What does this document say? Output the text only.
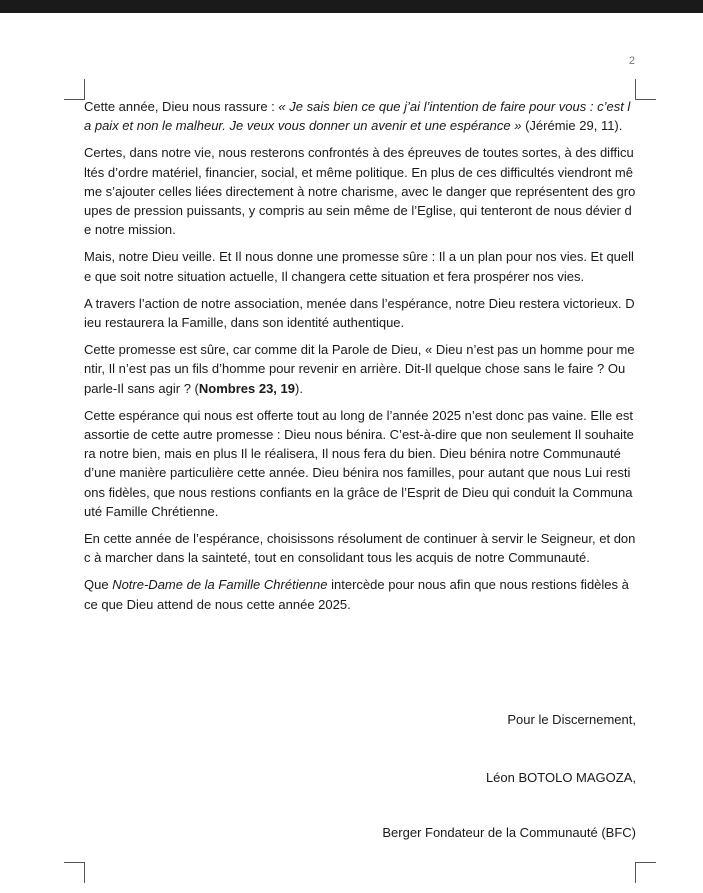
2

Cette année, Dieu nous rassure : « Je sais bien ce que j’ai l’intention de faire pour vous : c’est la paix et non le malheur. Je veux vous donner un avenir et une espérance » (Jérémie 29, 11).

Certes, dans notre vie, nous resterons confrontés à des épreuves de toutes sortes, à des difficultés d’ordre matériel, financier, social, et même politique. En plus de ces difficultés viendront même s’ajouter celles liées directement à notre charisme, avec le danger que représentent des groupes de pression puissants, y compris au sein même de l’Eglise, qui tenteront de nous dévier de notre mission.

Mais, notre Dieu veille. Et Il nous donne une promesse sûre : Il a un plan pour nos vies. Et quelle que soit notre situation actuelle, Il changera cette situation et fera prospérer nos vies.

A travers l’action de notre association, menée dans l’espérance, notre Dieu restera victorieux. Dieu restaurera la Famille, dans son identité authentique.

Cette promesse est sûre, car comme dit la Parole de Dieu, « Dieu n’est pas un homme pour mentir, Il n’est pas un fils d’homme pour revenir en arrière. Dit-Il quelque chose sans le faire ? Ou parle-Il sans agir ? (Nombres 23, 19).

Cette espérance qui nous est offerte tout au long de l’année 2025 n’est donc pas vaine. Elle est assortie de cette autre promesse : Dieu nous bénira. C’est-à-dire que non seulement Il souhaitera notre bien, mais en plus Il le réalisera, Il nous fera du bien. Dieu bénira notre Communauté d’une manière particulière cette année. Dieu bénira nos familles, pour autant que nous Lui restions fidèles, que nous restions confiants en la grâce de l’Esprit de Dieu qui conduit la Communauté Famille Chrétienne.

En cette année de l’espérance, choisissons résolument de continuer à servir le Seigneur, et donc à marcher dans la sainteté, tout en consolidant tous les acquis de notre Communauté.

Que Notre-Dame de la Famille Chrétienne intercède pour nous afin que nous restions fidèles à ce que Dieu attend de nous cette année 2025.

Pour le Discernement,
Léon BOTOLO MAGOZA,
Berger Fondateur de la Communauté (BFC)
